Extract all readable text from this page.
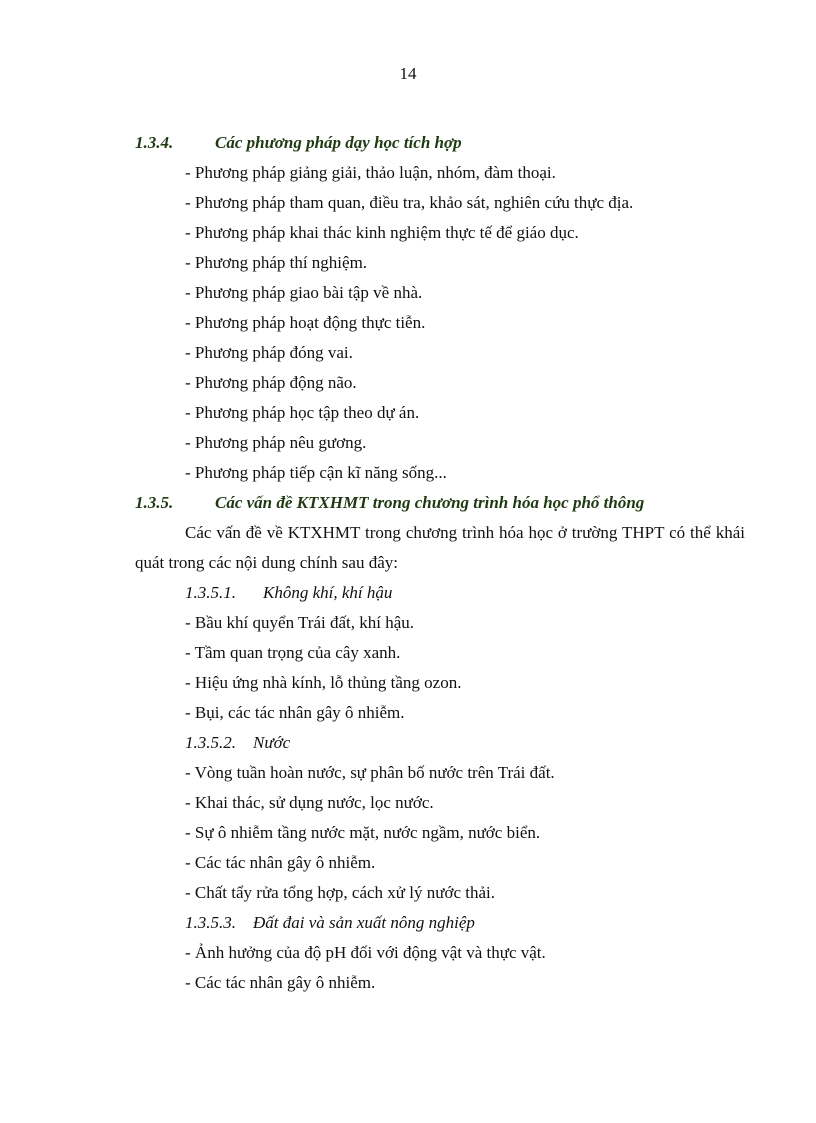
14
1.3.4. Các phương pháp dạy học tích hợp
- Phương pháp giảng giải, thảo luận, nhóm, đàm thoại.
- Phương pháp tham quan, điều tra, khảo sát, nghiên cứu thực địa.
- Phương pháp khai thác kinh nghiệm thực tế để giáo dục.
- Phương pháp thí nghiệm.
- Phương pháp giao bài tập về nhà.
- Phương pháp hoạt động thực tiễn.
- Phương pháp đóng vai.
- Phương pháp động não.
- Phương pháp học tập theo dự án.
- Phương pháp nêu gương.
- Phương pháp tiếp cận kĩ năng sống...
1.3.5. Các vấn đề KTXHMT trong chương trình hóa học phổ thông

Các vấn đề về KTXHMT trong chương trình hóa học ở trường THPT có thể khái quát trong các nội dung chính sau đây:

1.3.5.1. Không khí, khí hậu
- Bầu khí quyển Trái đất, khí hậu.
- Tầm quan trọng của cây xanh.
- Hiệu ứng nhà kính, lỗ thủng tầng ozon.
- Bụi, các tác nhân gây ô nhiễm.
1.3.5.2. Nước
- Vòng tuần hoàn nước, sự phân bố nước trên Trái đất.
- Khai thác, sử dụng nước, lọc nước.
- Sự ô nhiễm tầng nước mặt, nước ngầm, nước biển.
- Các tác nhân gây ô nhiễm.
- Chất tẩy rửa tổng hợp, cách xử lý nước thải.
1.3.5.3. Đất đai và sản xuất nông nghiệp
- Ảnh hưởng của độ pH đối với động vật và thực vật.
- Các tác nhân gây ô nhiễm.
